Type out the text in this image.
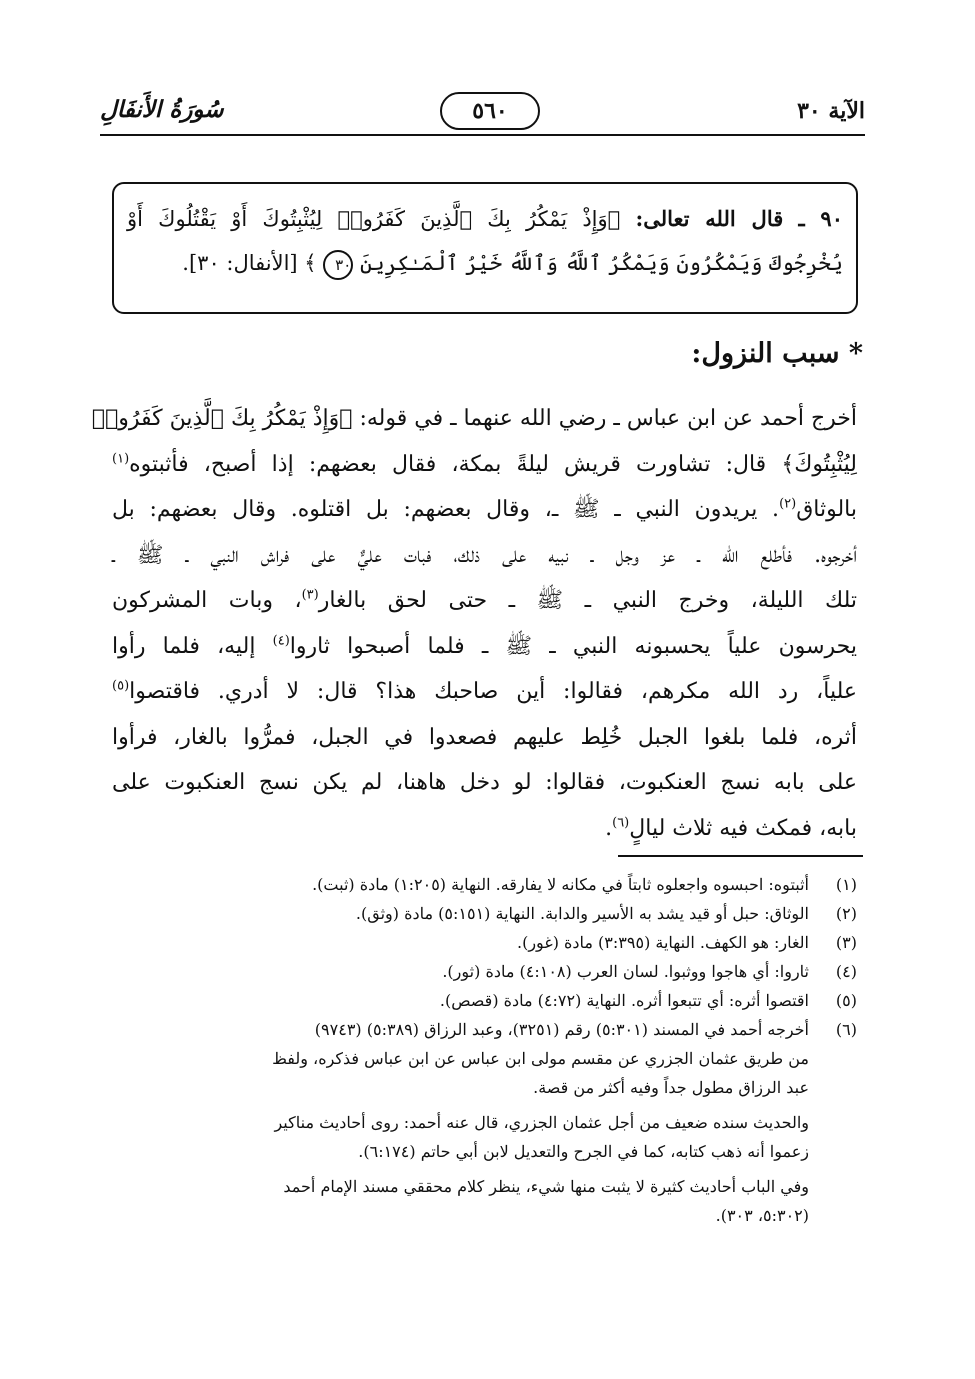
الآية ٣٠
٥٦٠
سُورَةُ الأَنفَالِ
٩٠ ـ قال الله تعالى: ﴿وَإِذْ يَمْكُرُ بِكَ ٱلَّذِينَ كَفَرُوا۟ لِيُثْبِتُوكَ أَوْ يَقْتُلُوكَ أَوْ
يُخْرِجُوكَ وَيَمْكُرُونَ وَيَمْكُرُ ٱللَّهُ وَٱللَّهُ خَيْرُ ٱلْمَـٰكِرِينَ ٣٠ ﴾ [الأنفال: ٣٠].
* سبب النزول:
أخرج أحمد عن ابن عباس ـ رضي الله عنهما ـ في قوله: ﴿وَإِذْ يَمْكُرُ بِكَ ٱلَّذِينَ كَفَرُوا۟
لِيُثْبِتُوكَ﴾ قال: تشاورت قريش ليلةً بمكة، فقال بعضهم: إذا أصبح، فأثبتوه$^{(١)}$
بالوثاق$^{(٢)}$. يريدون النبي ـ ﷺ ـ، وقال بعضهم: بل اقتلوه. وقال بعضهم: بل
أخرجوه. فأطلع الله ـ عز وجل ـ نبيه على ذلك، فبات عليٌّ على فراش النبي ـ ﷺ ـ
تلك الليلة، وخرج النبي ـ ﷺ ـ حتى لحق بالغار$^{(٣)}$، وبات المشركون
يحرسون علياً يحسبونه النبي ـ ﷺ ـ فلما أصبحوا ثاروا$^{(٤)}$ إليه، فلما رأوا
علياً، رد الله مكرهم، فقالوا: أين صاحبك هذا؟ قال: لا أدري. فاقتصوا$^{(٥)}$
أثره، فلما بلغوا الجبل خُلِط عليهم فصعدوا في الجبل، فمرُّوا بالغار، فرأوا
على بابه نسج العنكبوت، فقالوا: لو دخل هاهنا، لم يكن نسج العنكبوت على
بابه، فمكث فيه ثلاث ليالٍ$^{(٦)}$.
(١)
أثبتوه: احبسوه واجعلوه ثابتاً في مكانه لا يفارقه. النهاية (١:٢٠٥) مادة (ثبت).
(٢)
الوثاق: حبل أو قيد يشد به الأسير والدابة. النهاية (٥:١٥١) مادة (وثق).
(٣)
الغار: هو الكهف. النهاية (٣:٣٩٥) مادة (غور).
(٤)
ثاروا: أي هاجوا ووثبوا. لسان العرب (٤:١٠٨) مادة (ثور).
(٥)
اقتصوا أثره: أي تتبعوا أثره. النهاية (٤:٧٢) مادة (قصص).
(٦)
أخرجه أحمد في المسند (٥:٣٠١) رقم (٣٢٥١)، وعبد الرزاق (٥:٣٨٩) (٩٧٤٣)
من طريق عثمان الجزري عن مقسم مولى ابن عباس عن ابن عباس فذكره، ولفظ
عبد الرزاق مطول جداً وفيه أكثر من قصة.
والحديث سنده ضعيف من أجل عثمان الجزري، قال عنه أحمد: روى أحاديث مناكير
زعموا أنه ذهب كتابه، كما في الجرح والتعديل لابن أبي حاتم (٦:١٧٤).
وفي الباب أحاديث كثيرة لا يثبت منها شيء، ينظر كلام محققي مسند الإمام أحمد
(٥:٣٠٢، ٣٠٣).
